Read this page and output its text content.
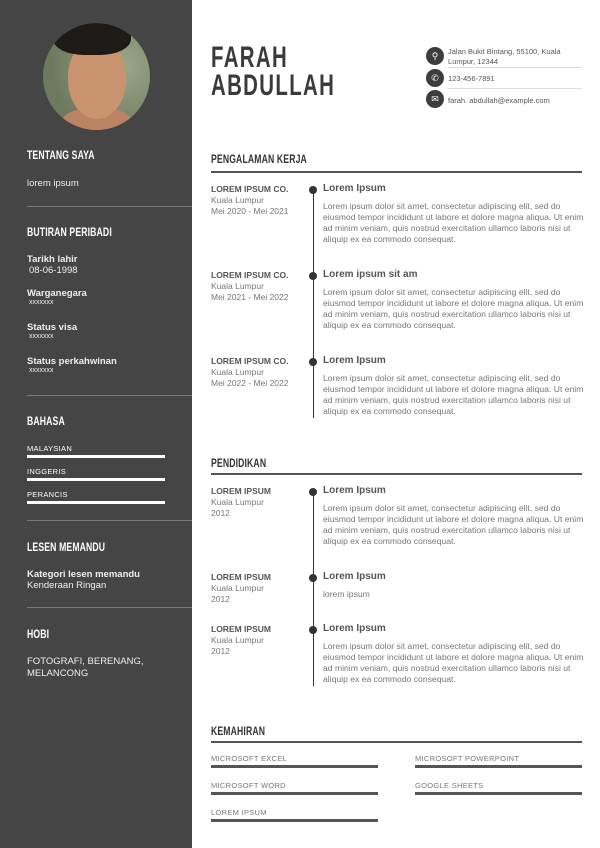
TENTANG SAYA
lorem ipsum
BUTIRAN PERIBADI
Tarikh lahir
08-06-1998
Warganegara
xxxxxxx
Status visa
xxxxxxx
Status perkahwinan
xxxxxxx
BAHASA
MALAYSIAN
INGGERIS
PERANCIS
LESEN MEMANDU
Kategori lesen memandu
Kenderaan Ringan
HOBI
FOTOGRAFI, BERENANG, MELANCONG
FARAH
ABDULLAH
⚲	Jalan Bukit Bintang, 55100, Kuala Lumpur, 12344
✆	123-456-7891
✉	farah. abdullah@example.com
PENGALAMAN KERJA
PENDIDIKAN
LOREM IPSUM CO.
Kuala Lumpur
Mei 2020 - Mei 2021
Lorem Ipsum
Lorem ipsum dolor sit amet, consectetur adipiscing elit, sed do eiusmod tempor incididunt ut labore et dolore magna aliqua. Ut enim ad minim veniam, quis nostrud exercitation ullamco laboris nisi ut aliquip ex ea commodo consequat.
LOREM IPSUM CO.
Kuala Lumpur
Mei 2021 - Mei 2022
Lorem ipsum sit am
Lorem ipsum dolor sit amet, consectetur adipiscing elit, sed do eiusmod tempor incididunt ut labore et dolore magna aliqua. Ut enim ad minim veniam, quis nostrud exercitation ullamco laboris nisi ut aliquip ex ea commodo consequat.
LOREM IPSUM CO.
Kuala Lumpur
Mei 2022 - Mei 2022
Lorem Ipsum
Lorem ipsum dolor sit amet, consectetur adipiscing elit, sed do eiusmod tempor incididunt ut labore et dolore magna aliqua. Ut enim ad minim veniam, quis nostrud exercitation ullamco laboris nisi ut aliquip ex ea commodo consequat.
LOREM IPSUM
Kuala Lumpur
2012
Lorem Ipsum
Lorem ipsum dolor sit amet, consectetur adipiscing elit, sed do eiusmod tempor incididunt ut labore et dolore magna aliqua. Ut enim ad minim veniam, quis nostrud exercitation ullamco laboris nisi ut aliquip ex ea commodo consequat.
LOREM IPSUM
Kuala Lumpur
2012
Lorem Ipsum
lorem ipsum
LOREM IPSUM
Kuala Lumpur
2012
Lorem Ipsum
Lorem ipsum dolor sit amet, consectetur adipiscing elit, sed do eiusmod tempor incididunt ut labore et dolore magna aliqua. Ut enim ad minim veniam, quis nostrud exercitation ullamco laboris nisi ut aliquip ex ea commodo consequat.
KEMAHIRAN
MICROSOFT EXCEL	MICROSOFT POWERPOINT
MICROSOFT WORD	GOOGLE SHEETS
LOREM IPSUM
